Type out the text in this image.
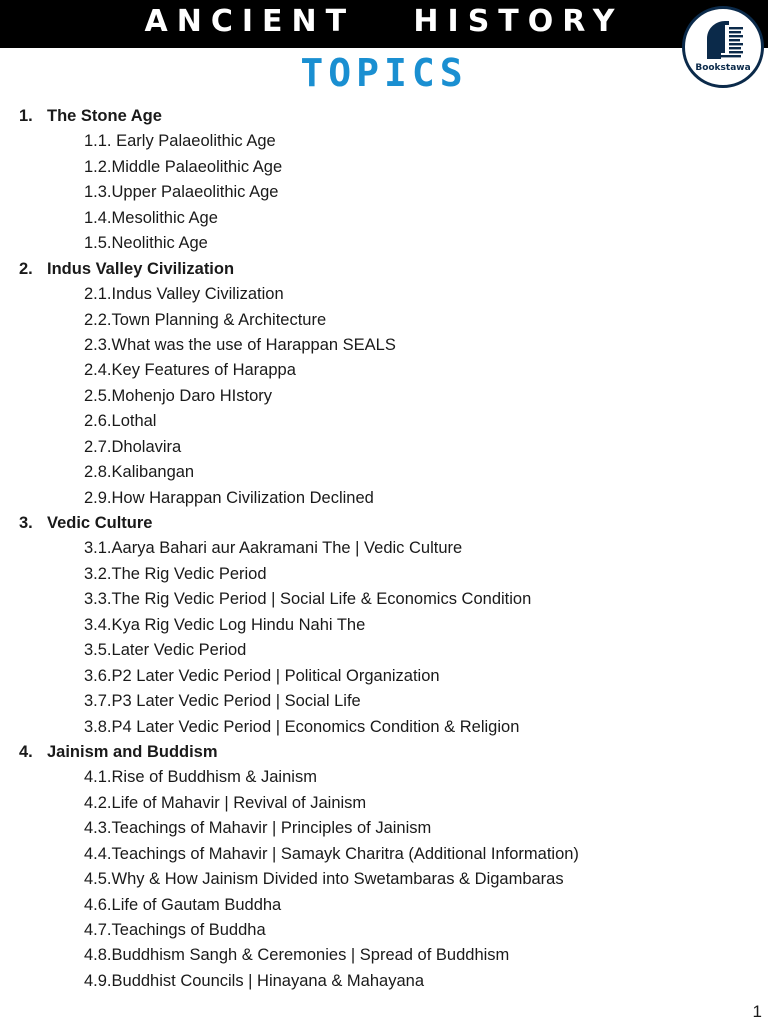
ANCIENT   HISTORY
TOPICS	Bookstawa
1. The Stone Age
1.1. Early Palaeolithic Age
1.2.Middle Palaeolithic Age
1.3.Upper Palaeolithic Age
1.4.Mesolithic Age
1.5.Neolithic Age
2. Indus Valley Civilization
2.1.Indus Valley Civilization
2.2.Town Planning & Architecture
2.3.What was the use of Harappan SEALS
2.4.Key Features of Harappa
2.5.Mohenjo Daro HIstory
2.6.Lothal
2.7.Dholavira
2.8.Kalibangan
2.9.How Harappan Civilization Declined
3. Vedic Culture
3.1.Aarya Bahari aur Aakramani The | Vedic Culture
3.2.The Rig Vedic Period
3.3.The Rig Vedic Period | Social Life & Economics Condition
3.4.Kya Rig Vedic Log Hindu Nahi The
3.5.Later Vedic Period
3.6.P2 Later Vedic Period | Political Organization
3.7.P3 Later Vedic Period | Social Life
3.8.P4 Later Vedic Period | Economics Condition & Religion
4. Jainism and Buddism
4.1.Rise of Buddhism & Jainism
4.2.Life of Mahavir | Revival of Jainism
4.3.Teachings of Mahavir | Principles of Jainism
4.4.Teachings of Mahavir | Samayk Charitra (Additional Information)
4.5.Why & How Jainism Divided into Swetambaras & Digambaras
4.6.Life of Gautam Buddha
4.7.Teachings of Buddha
4.8.Buddhism Sangh & Ceremonies | Spread of Buddhism
4.9.Buddhist Councils | Hinayana & Mahayana
1
